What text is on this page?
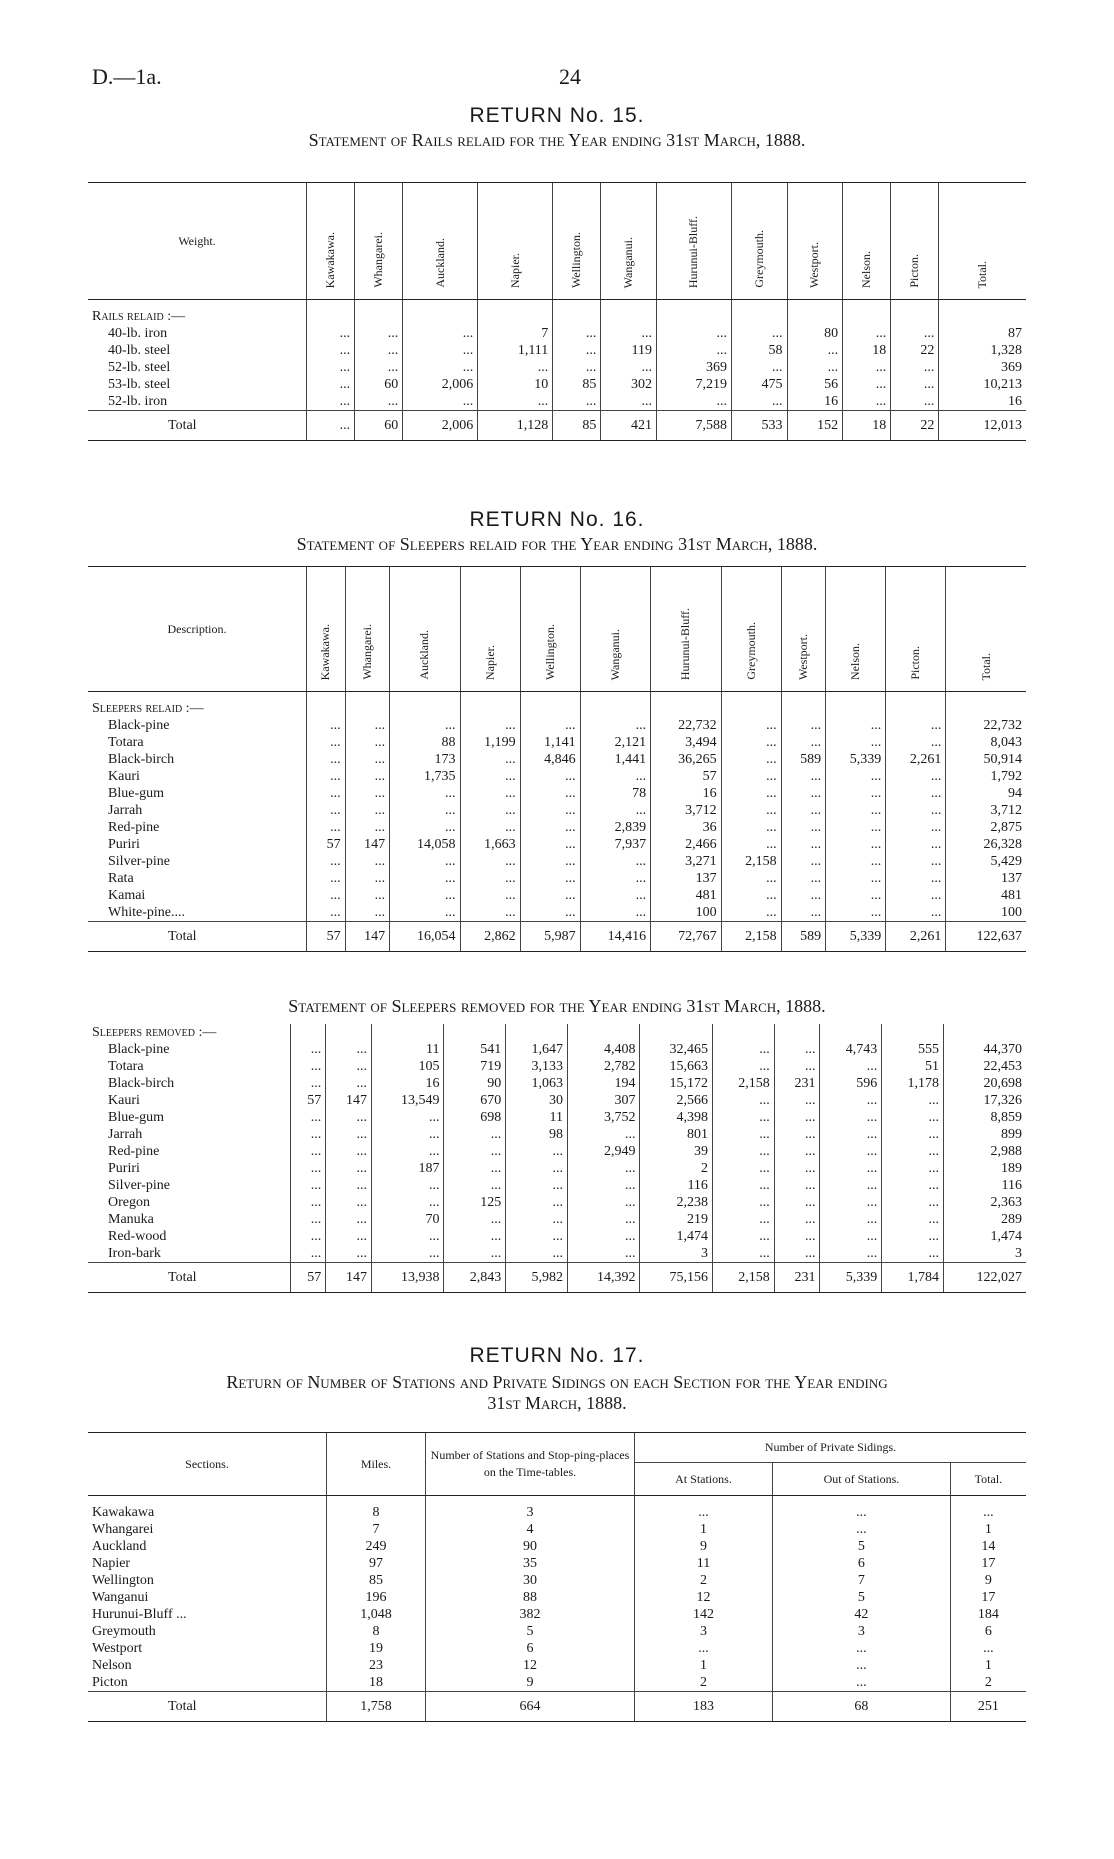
D.—1a.	24
RETURN No. 15.
Statement of Rails relaid for the Year ending 31st March, 1888.
Weight.	Kawakawa.	Whangarei.	Auckland.	Napier.	Wellington.	Wanganui.	Hurunui-Bluff.	Greymouth.	Westport.	Nelson.	Picton.	Total.
Rails relaid :—												
40-lb. iron	...	...	...	7	...	...	...	...	80	...	...	87
40-lb. steel	...	...	...	1,111	...	119	...	58	...	18	22	1,328
52-lb. steel	...	...	...	...	...	...	369	...	...	...	...	369
53-lb. steel	...	60	2,006	10	85	302	7,219	475	56	...	...	10,213
52-lb. iron	...	...	...	...	...	...	...	...	16	...	...	16
Total	...	60	2,006	1,128	85	421	7,588	533	152	18	22	12,013
RETURN No. 16.
Statement of Sleepers relaid for the Year ending 31st March, 1888.
Description.	Kawakawa.	Whangarei.	Auckland.	Napier.	Wellington.	Wanganui.	Hurunui-Bluff.	Greymouth.	Westport.	Nelson.	Picton.	Total.
Sleepers relaid :—												
Black-pine	...	...	...	...	...	...	22,732	...	...	...	...	22,732
Totara	...	...	88	1,199	1,141	2,121	3,494	...	...	...	...	8,043
Black-birch	...	...	173	...	4,846	1,441	36,265	...	589	5,339	2,261	50,914
Kauri	...	...	1,735	...	...	...	57	...	...	...	...	1,792
Blue-gum	...	...	...	...	...	78	16	...	...	...	...	94
Jarrah	...	...	...	...	...	...	3,712	...	...	...	...	3,712
Red-pine	...	...	...	...	...	2,839	36	...	...	...	...	2,875
Puriri	57	147	14,058	1,663	...	7,937	2,466	...	...	...	...	26,328
Silver-pine	...	...	...	...	...	...	3,271	2,158	...	...	...	5,429
Rata	...	...	...	...	...	...	137	...	...	...	...	137
Kamai	...	...	...	...	...	...	481	...	...	...	...	481
White-pine....	...	...	...	...	...	...	100	...	...	...	...	100
Total	57	147	16,054	2,862	5,987	14,416	72,767	2,158	589	5,339	2,261	122,637
Statement of Sleepers removed for the Year ending 31st March, 1888.
Sleepers removed :—												
Black-pine	...	...	11	541	1,647	4,408	32,465	...	...	4,743	555	44,370
Totara	...	...	105	719	3,133	2,782	15,663	...	...	...	51	22,453
Black-birch	...	...	16	90	1,063	194	15,172	2,158	231	596	1,178	20,698
Kauri	57	147	13,549	670	30	307	2,566	...	...	...	...	17,326
Blue-gum	...	...	...	698	11	3,752	4,398	...	...	...	...	8,859
Jarrah	...	...	...	...	98	...	801	...	...	...	...	899
Red-pine	...	...	...	...	...	2,949	39	...	...	...	...	2,988
Puriri	...	...	187	...	...	...	2	...	...	...	...	189
Silver-pine	...	...	...	...	...	...	116	...	...	...	...	116
Oregon	...	...	...	125	...	...	2,238	...	...	...	...	2,363
Manuka	...	...	70	...	...	...	219	...	...	...	...	289
Red-wood	...	...	...	...	...	...	1,474	...	...	...	...	1,474
Iron-bark	...	...	...	...	...	...	3	...	...	...	...	3
Total	57	147	13,938	2,843	5,982	14,392	75,156	2,158	231	5,339	1,784	122,027
RETURN No. 17.
Return of Number of Stations and Private Sidings on each Section for the Year ending
31st March, 1888.
Sections.	Miles.	Number of Stations and Stop-ping-places on the Time-tables.	Number of Private Sidings.		
			At Stations.	Out of Stations.	Total.

Kawakawa	8	3	...	...	...
Whangarei	7	4	1	...	1
Auckland	249	90	9	5	14
Napier	97	35	11	6	17
Wellington	85	30	2	7	9
Wanganui	196	88	12	5	17
Hurunui-Bluff ...	1,048	382	142	42	184
Greymouth	8	5	3	3	6
Westport	19	6	...	...	...
Nelson	23	12	1	...	1
Picton	18	9	2	...	2
Total	1,758	664	183	68	251
